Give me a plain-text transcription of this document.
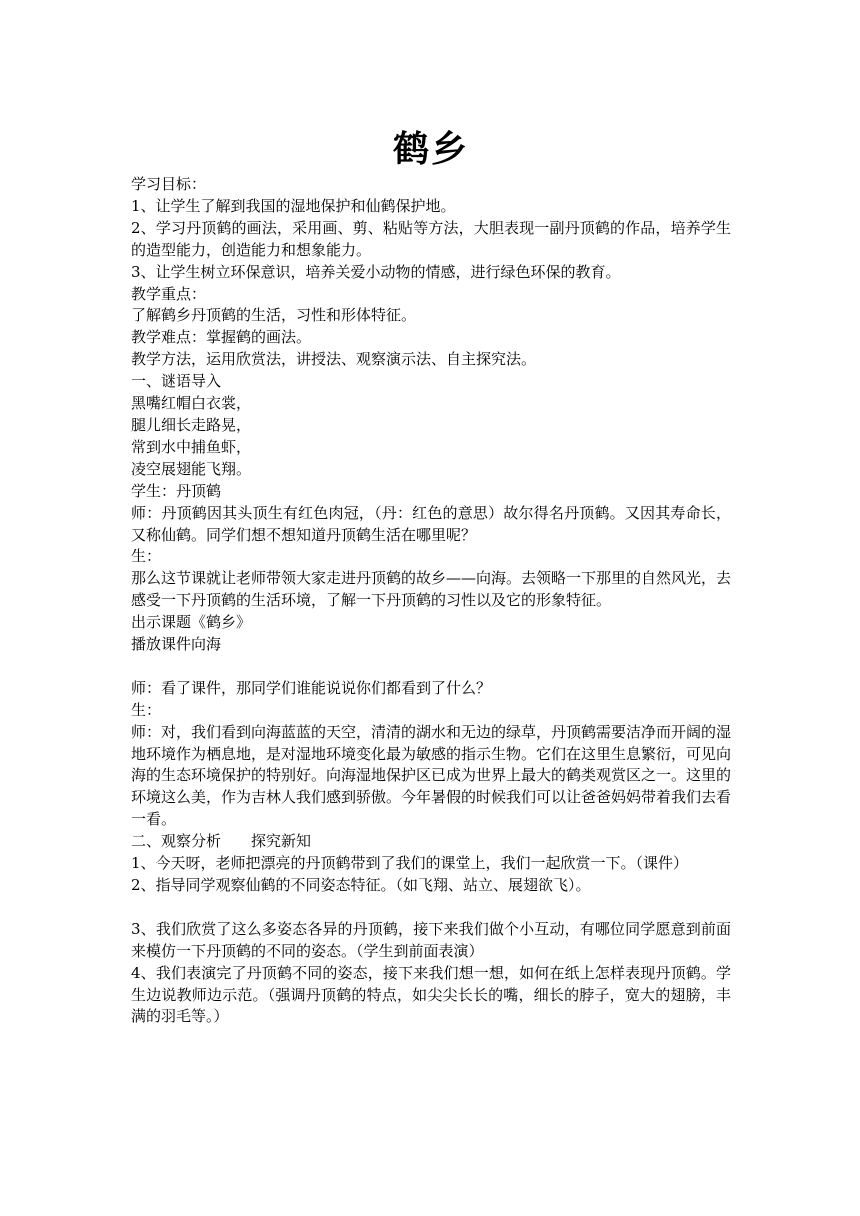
鹤乡
学习目标：
1、让学生了解到我国的湿地保护和仙鹤保护地。
2、学习丹顶鹤的画法，采用画、剪、粘贴等方法，大胆表现一副丹顶鹤的作品，培养学生的造型能力，创造能力和想象能力。
3、让学生树立环保意识，培养关爱小动物的情感，进行绿色环保的教育。
教学重点：
了解鹤乡丹顶鹤的生活，习性和形体特征。
教学难点：掌握鹤的画法。
教学方法，运用欣赏法，讲授法、观察演示法、自主探究法。
一、谜语导入
黑嘴红帽白衣裳，
腿儿细长走路晃，
常到水中捕鱼虾，
凌空展翅能飞翔。
学生：丹顶鹤
师：丹顶鹤因其头顶生有红色肉冠，（丹：红色的意思）故尔得名丹顶鹤。又因其寿命长，又称仙鹤。同学们想不想知道丹顶鹤生活在哪里呢？
生：
那么这节课就让老师带领大家走进丹顶鹤的故乡——向海。去领略一下那里的自然风光，去感受一下丹顶鹤的生活环境，了解一下丹顶鹤的习性以及它的形象特征。
出示课题《鹤乡》
播放课件向海
师：看了课件，那同学们谁能说说你们都看到了什么？
生：
师：对，我们看到向海蓝蓝的天空，清清的湖水和无边的绿草，丹顶鹤需要洁净而开阔的湿地环境作为栖息地，是对湿地环境变化最为敏感的指示生物。它们在这里生息繁衍，可见向海的生态环境保护的特别好。向海湿地保护区已成为世界上最大的鹤类观赏区之一。这里的环境这么美，作为吉林人我们感到骄傲。今年暑假的时候我们可以让爸爸妈妈带着我们去看一看。
二、观察分析　　探究新知
1、今天呀，老师把漂亮的丹顶鹤带到了我们的课堂上，我们一起欣赏一下。（课件）
2、指导同学观察仙鹤的不同姿态特征。（如飞翔、站立、展翅欲飞）。
3、我们欣赏了这么多姿态各异的丹顶鹤，接下来我们做个小互动，有哪位同学愿意到前面来模仿一下丹顶鹤的不同的姿态。（学生到前面表演）
4、我们表演完了丹顶鹤不同的姿态，接下来我们想一想，如何在纸上怎样表现丹顶鹤。学生边说教师边示范。（强调丹顶鹤的特点，如尖尖长长的嘴，细长的脖子，宽大的翅膀，丰满的羽毛等。）
